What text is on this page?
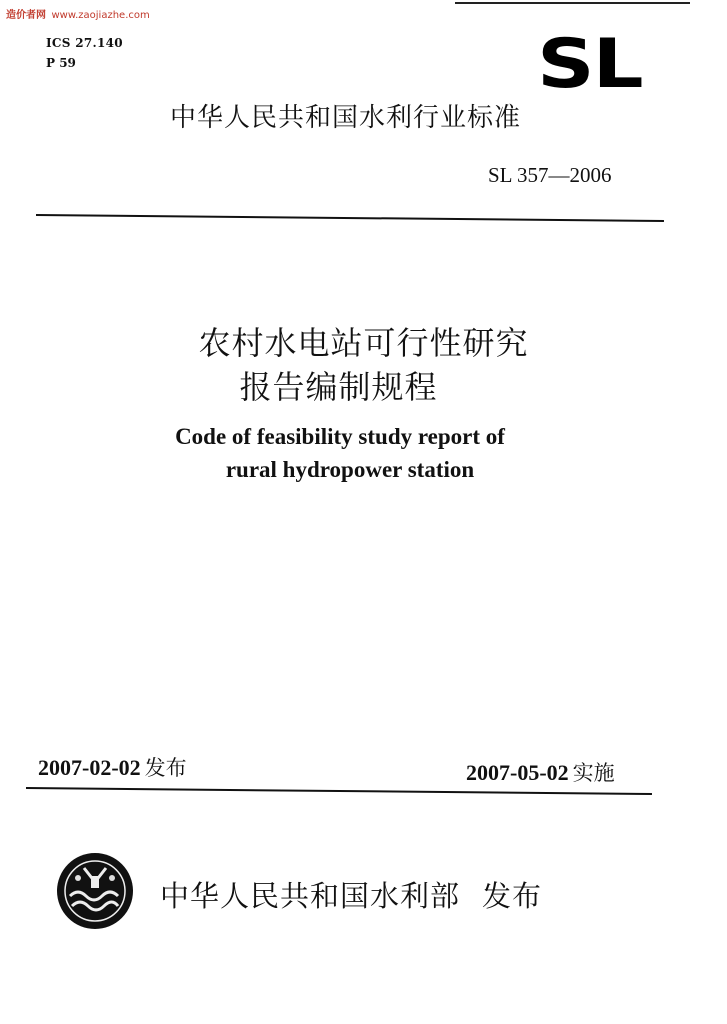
造价者网 www.zaojiazhe.com
ICS 27.140
P 59	SL
中华人民共和国水利行业标准
SL 357—2006
农村水电站可行性研究
报告编制规程
Code of feasibility study report of
rural hydropower station
2007-02-02 发布	2007-05-02 实施
中华人民共和国水利部 发布
